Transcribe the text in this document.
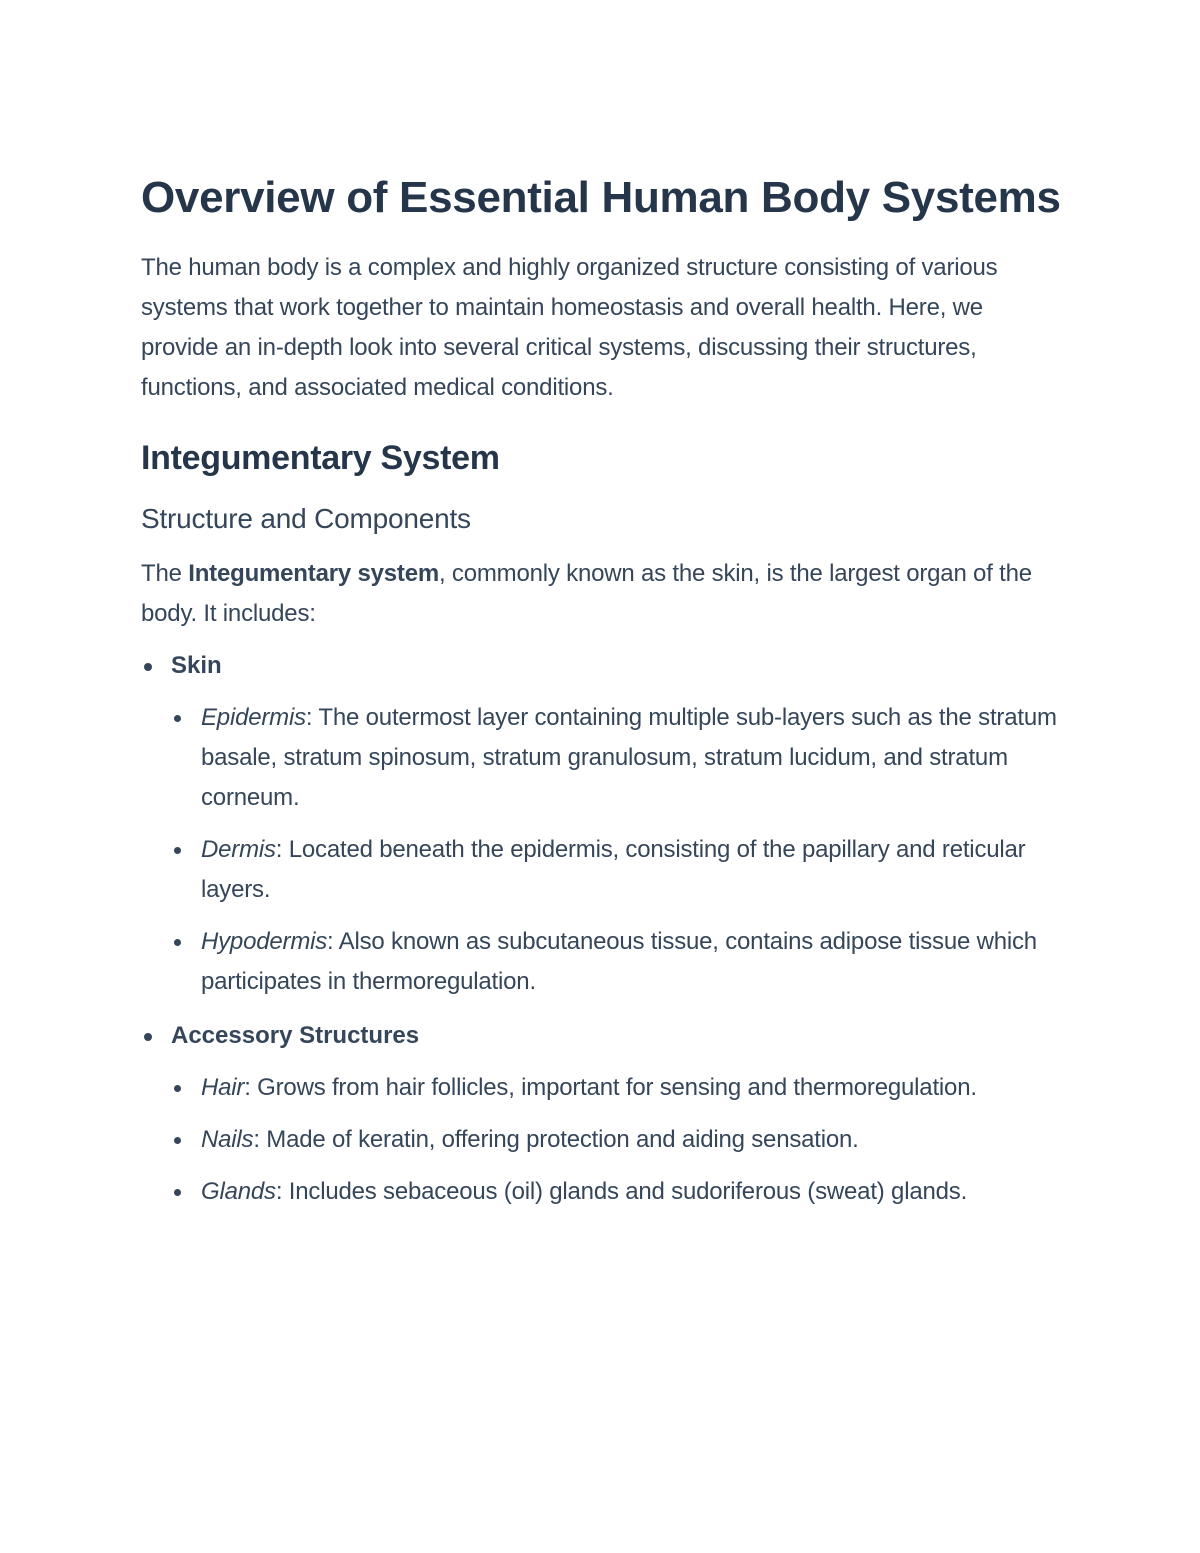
Overview of Essential Human Body Systems

The human body is a complex and highly organized structure consisting of various systems that work together to maintain homeostasis and overall health. Here, we provide an in-depth look into several critical systems, discussing their structures, functions, and associated medical conditions.

Integumentary System
Structure and Components

The Integumentary system, commonly known as the skin, is the largest organ of the body. It includes:

Skin
Epidermis: The outermost layer containing multiple sub-layers such as the stratum basale, stratum spinosum, stratum granulosum, stratum lucidum, and stratum corneum.
Dermis: Located beneath the epidermis, consisting of the papillary and reticular layers.
Hypodermis: Also known as subcutaneous tissue, contains adipose tissue which participates in thermoregulation.
Accessory Structures
Hair: Grows from hair follicles, important for sensing and thermoregulation.
Nails: Made of keratin, offering protection and aiding sensation.
Glands: Includes sebaceous (oil) glands and sudoriferous (sweat) glands.
